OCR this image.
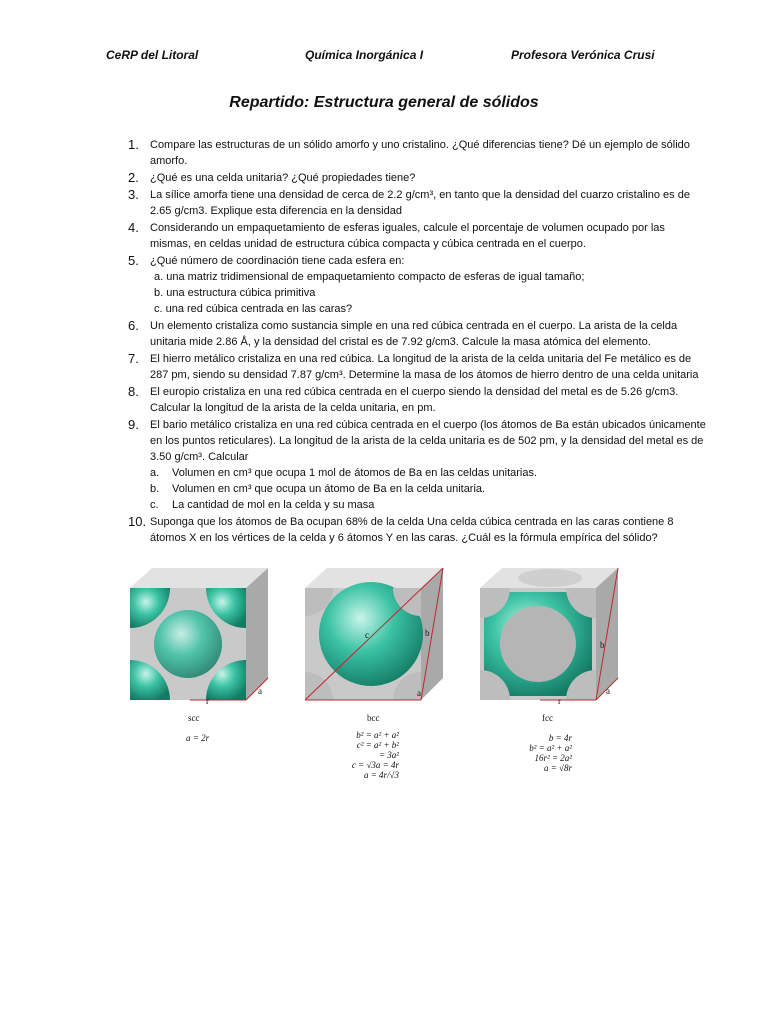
CeRP del Litoral	Química Inorgánica I	Profesora Verónica Crusi
Repartido: Estructura general de sólidos
1.	Compare las estructuras de un sólido amorfo y uno cristalino. ¿Qué diferencias tiene? Dé un ejemplo de sólido amorfo.
2.	¿Qué es una celda unitaria? ¿Qué propiedades tiene?
3.	La sílice amorfa tiene una densidad de cerca de 2.2 g/cm³, en tanto que la densidad del cuarzo cristalino es de 2.65 g/cm3. Explique esta diferencia en la densidad
4.	Considerando un empaquetamiento de esferas iguales, calcule el porcentaje de volumen ocupado por las mismas, en celdas unidad de estructura cúbica compacta y cúbica centrada en el cuerpo.
5.	¿Qué número de coordinación tiene cada esfera en:
a. una matriz tridimensional de empaquetamiento compacto de esferas de igual tamaño;
b. una estructura cúbica primitiva
c. una red cúbica centrada en las caras?
6.	Un elemento cristaliza como sustancia simple en una red cúbica centrada en el cuerpo. La arista de la celda unitaria mide 2.86 Å, y la densidad del cristal es de 7.92 g/cm3. Calcule la masa atómica del elemento.
7.	El hierro metálico cristaliza en una red cúbica. La longitud de la arista de la celda unitaria del Fe metálico es de 287 pm, siendo su densidad 7.87 g/cm³. Determine la masa de los átomos de hierro dentro de una celda unitaria
8.	El europio cristaliza en una red cúbica centrada en el cuerpo siendo la densidad del metal es de 5.26 g/cm3. Calcular la longitud de la arista de la celda unitaria, en pm.
9.	El bario metálico cristaliza en una red cúbica centrada en el cuerpo (los átomos de Ba están ubicados únicamente en los puntos reticulares). La longitud de la arista de la celda unitaria es de 502 pm, y la densidad del metal es de 3.50 g/cm³. Calcular
a.	Volumen en cm³ que ocupa 1 mol de átomos de Ba en las celdas unitarias.
b.	Volumen en cm³ que ocupa un átomo de Ba en la celda unitaria.
c.	La cantidad de mol en la celda y su masa
10. Suponga que los átomos de Ba ocupan 68% de la celda Una celda cúbica centrada en las caras contiene 8 átomos X en los vértices de la celda y 6 átomos Y en las caras. ¿Cuál es la fórmula empírica del sólido?
r
a
scc
a = 2r
c	b
a
bcc
b² = a² + a²
c² = a² + b²
= 3a²
c = √3a = 4r
a = 4r/√3
r
b
a
fcc
b = 4r
b² = a² + a²
16r² = 2a²
a = √8r
